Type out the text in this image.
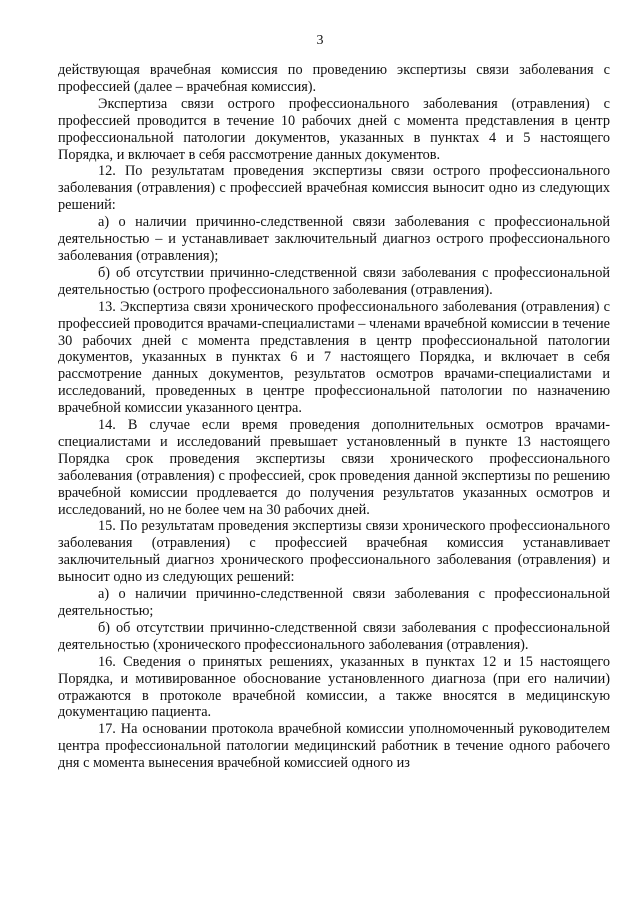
3

действующая врачебная комиссия по проведению экспертизы связи заболевания с профессией (далее – врачебная комиссия).

Экспертиза связи острого профессионального заболевания (отравления) с профессией проводится в течение 10 рабочих дней с момента представления в центр профессиональной патологии документов, указанных в пунктах 4 и 5 настоящего Порядка, и включает в себя рассмотрение данных документов.

12. По результатам проведения экспертизы связи острого профессионального заболевания (отравления) с профессией врачебная комиссия выносит одно из следующих решений:

а) о наличии причинно-следственной связи заболевания с профессиональной деятельностью – и устанавливает заключительный диагноз острого профессионального заболевания (отравления);

б) об отсутствии причинно-следственной связи заболевания с профессиональной деятельностью (острого профессионального заболевания (отравления).

13. Экспертиза связи хронического профессионального заболевания (отравления) с профессией проводится врачами-специалистами – членами врачебной комиссии в течение 30 рабочих дней с момента представления в центр профессиональной патологии документов, указанных в пунктах 6 и 7 настоящего Порядка, и включает в себя рассмотрение данных документов, результатов осмотров врачами-специалистами и исследований, проведенных в центре профессиональной патологии по назначению врачебной комиссии указанного центра.

14. В случае если время проведения дополнительных осмотров врачами-специалистами и исследований превышает установленный в пункте 13 настоящего Порядка срок проведения экспертизы связи хронического профессионального заболевания (отравления) с профессией, срок проведения данной экспертизы по решению врачебной комиссии продлевается до получения результатов указанных осмотров и исследований, но не более чем на 30 рабочих дней.

15. По результатам проведения экспертизы связи хронического профессионального заболевания (отравления) с профессией врачебная комиссия устанавливает заключительный диагноз хронического профессионального заболевания (отравления) и выносит одно из следующих решений:

а) о наличии причинно-следственной связи заболевания с профессиональной деятельностью;

б) об отсутствии причинно-следственной связи заболевания с профессиональной деятельностью (хронического профессионального заболевания (отравления).

16. Сведения о принятых решениях, указанных в пунктах 12 и 15 настоящего Порядка, и мотивированное обоснование установленного диагноза (при его наличии) отражаются в протоколе врачебной комиссии, а также вносятся в медицинскую документацию пациента.

17. На основании протокола врачебной комиссии уполномоченный руководителем центра профессиональной патологии медицинский работник в течение одного рабочего дня с момента вынесения врачебной комиссией одного из
